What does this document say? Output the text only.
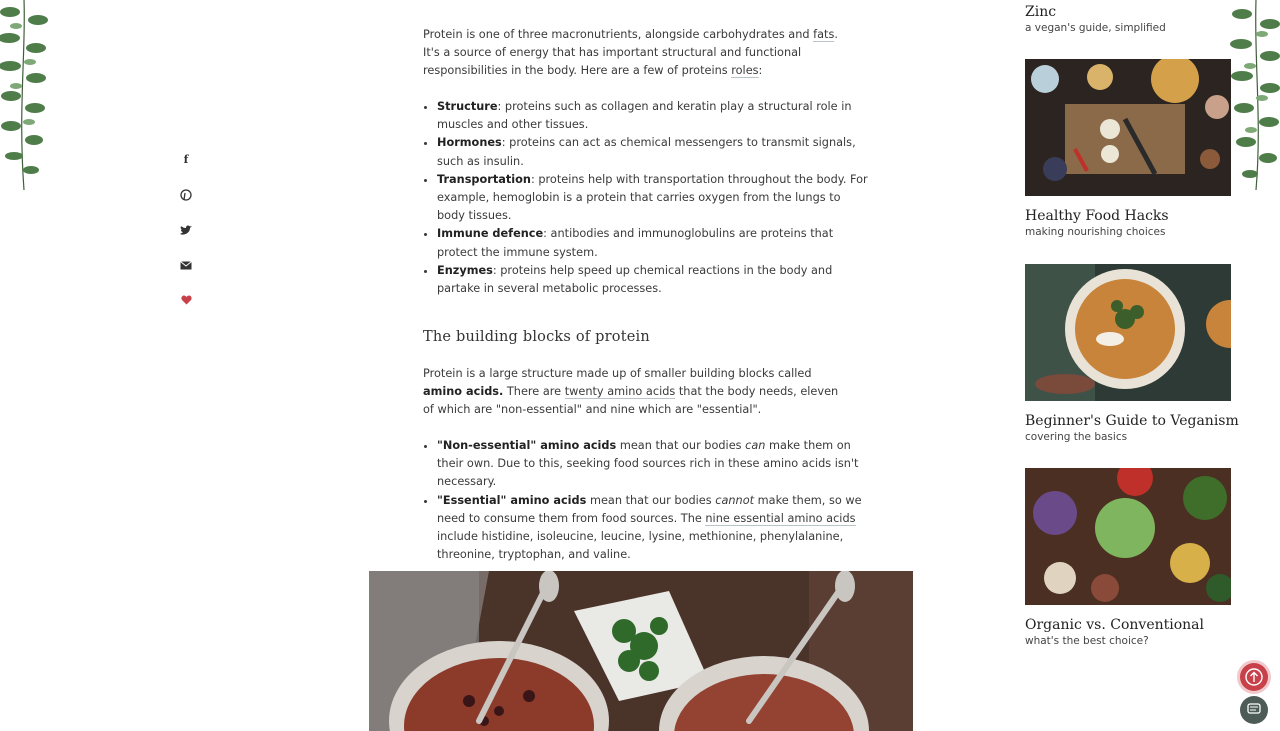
f

Protein is one of three macronutrients, alongside carbohydrates and fats. It's a source of energy that has important structural and functional responsibilities in the body. Here are a few of proteins roles:

• Structure: proteins such as collagen and keratin play a structural role in muscles and other tissues.
• Hormones: proteins can act as chemical messengers to transmit signals, such as insulin.
• Transportation: proteins help with transportation throughout the body. For example, hemoglobin is a protein that carries oxygen from the lungs to body tissues.
• Immune defence: antibodies and immunoglobulins are proteins that protect the immune system.
• Enzymes: proteins help speed up chemical reactions in the body and partake in several metabolic processes.
The building blocks of protein

Protein is a large structure made up of smaller building blocks called amino acids. There are twenty amino acids that the body needs, eleven of which are "non-essential" and nine which are "essential".

• "Non-essential" amino acids mean that our bodies can make them on their own. Due to this, seeking food sources rich in these amino acids isn't necessary.
• "Essential" amino acids mean that our bodies cannot make them, so we need to consume them from food sources. The nine essential amino acids include histidine, isoleucine, leucine, lysine, methionine, phenylalanine, threonine, tryptophan, and valine.
Zinc
a vegan's guide, simplified
Healthy Food Hacks
making nourishing choices
Beginner's Guide to Veganism
covering the basics
Organic vs. Conventional
what's the best choice?
